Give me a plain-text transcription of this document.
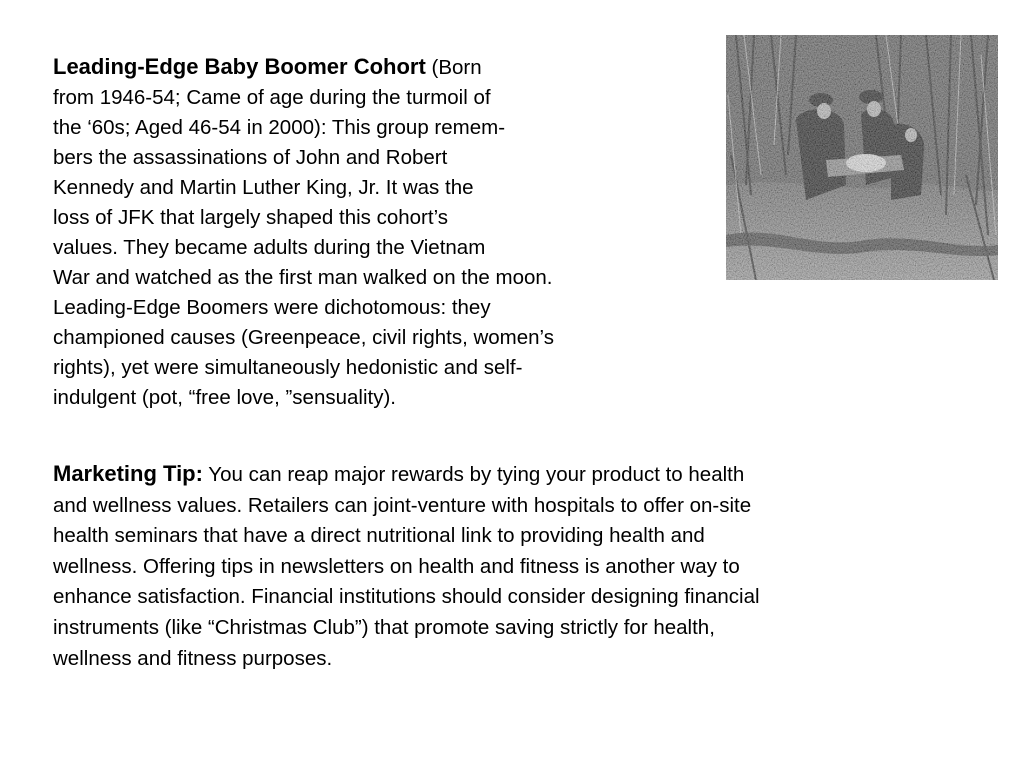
Leading-Edge Baby Boomer Cohort (Born
from 1946-54; Came of age during the turmoil of
the ‘60s; Aged 46-54 in 2000): This group remem-
bers the assassinations of John and Robert
Kennedy and Martin Luther King, Jr. It was the
loss of JFK that largely shaped this cohort’s
values. They became adults during the Vietnam
War and watched as the first man walked on the moon.
Leading-Edge Boomers were dichotomous: they
championed causes (Greenpeace, civil rights, women’s
rights), yet were simultaneously hedonistic and self-
indulgent (pot, “free love, ”sensuality).
Marketing Tip: You can reap major rewards by tying your product to health
and wellness values. Retailers can joint-venture with hospitals to offer on-site
health seminars that have a direct nutritional link to providing health and
wellness. Offering tips in newsletters on health and fitness is another way to
enhance satisfaction. Financial institutions should consider designing financial
instruments (like “Christmas Club”) that promote saving strictly for health,
wellness and fitness purposes.
